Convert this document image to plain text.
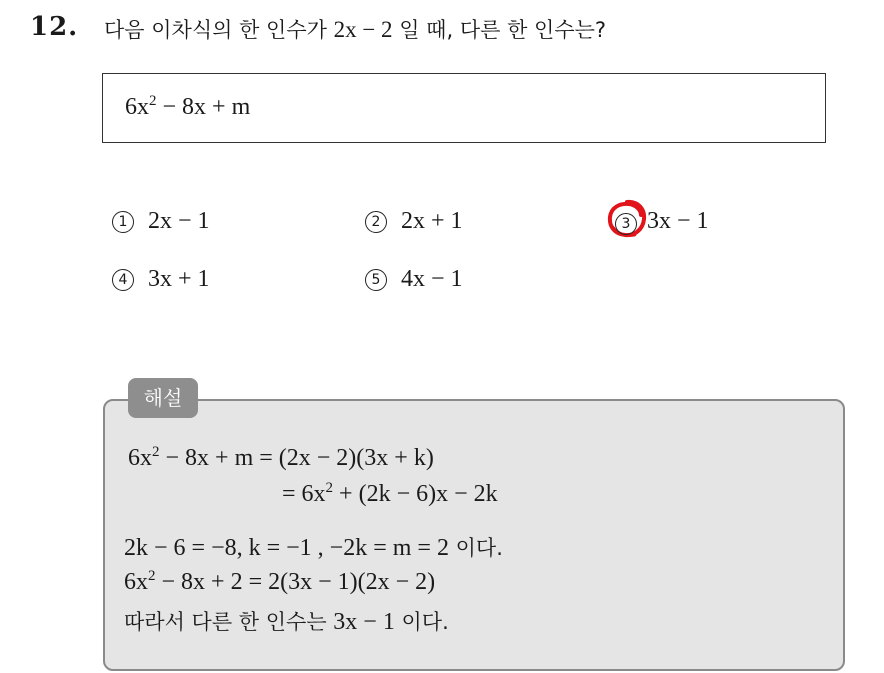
12. 다음 이차식의 한 인수가 2x − 2 일 때, 다른 한 인수는?
$6x^2 - 8x + m$
1 2x − 1	2 2x + 1	3 3x − 1
4 3x + 1	5 4x − 1
해설
$6x^2 - 8x + m = (2x - 2)(3x + k)$
= $6x^2 + (2k - 6)x - 2k$
2k − 6 = −8, k = −1 , −2k = m = 2 이다.
$6x^2 - 8x + 2 = 2(3x - 1)(2x - 2)$
따라서 다른 한 인수는 3x − 1 이다.
